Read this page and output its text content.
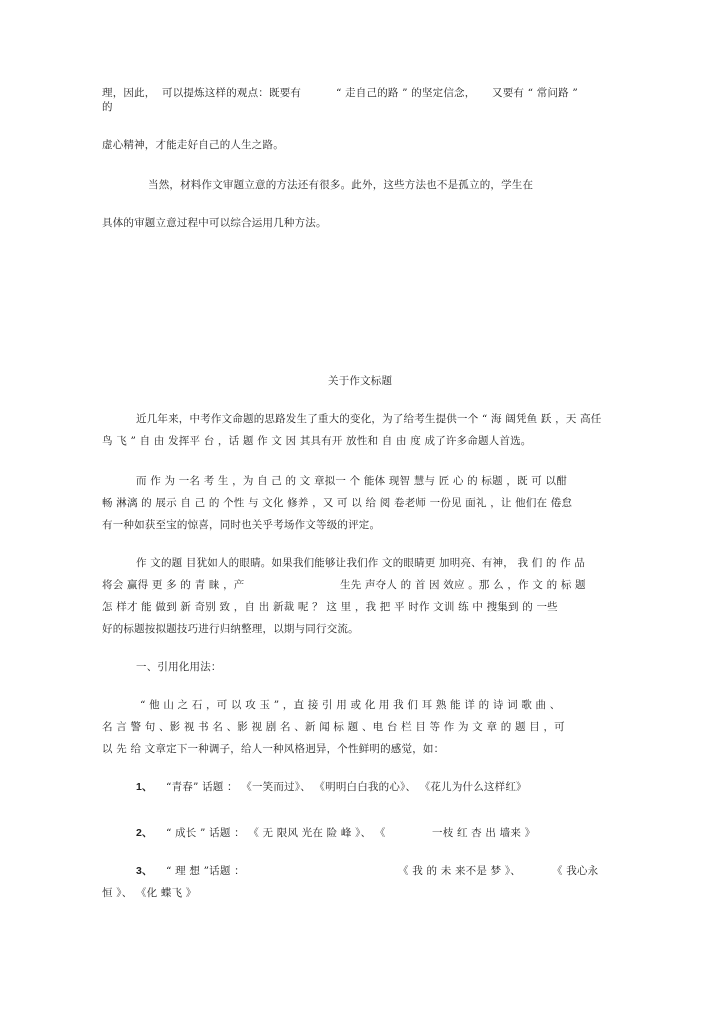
理，因此， 可以提炼这样的观点：既要有	“ 走自己的路 ” 的坚定信念， 又要有 “ 常问路 ”
的
虚心精神，才能走好自己的人生之路。
当然，材料作文审题立意的方法还有很多。此外，这些方法也不是孤立的，学生在
具体的审题立意过程中可以综合运用几种方法。
关于作文标题
近几年来，中考作文命题的思路发生了重大的变化，为了给考生提供一个 “ 海 阔凭鱼 跃 ，天 高任
鸟 飞 ” 自 由 发挥平 台 ，话 题 作 文 因 其具有开 放性和 自 由 度 成了许多命题人首选。
而 作 为 一名 考 生 ，为 自 己 的 文 章拟一 个 能体 现智 慧与 匠 心 的 标题 ，既 可 以酣
畅 淋漓 的 展示 自 己 的 个性 与 文化 修养 ，又 可 以 给 阅 卷老师 一份见 面礼 ，让 他们在 倦怠
有一种如获至宝的惊喜，同时也关乎考场作文等级的评定。
作 文的题 目犹如人的眼睛。如果我们能够让我们作 文的眼睛更 加明亮、有神， 我 们 的 作 品
将会 赢得 更 多 的 青 睐 ，产	生先 声夺人 的 首 因 效应 。那 么 ，作 文 的 标 题
怎 样才 能 做到 新 奇别 致 ，自 出 新裁 呢 ？ 这 里 ，我 把 平 时作 文训 练 中 搜集到 的 一些
好的标题按拟题技巧进行归纳整理，以期与同行交流。
一、引用化用法：
“ 他 山 之 石 ，可 以 攻 玉 ” ，直 接 引 用 或 化 用 我 们 耳 熟 能 详 的 诗 词 歌 曲 、
名 言 警 句 、影 视 书 名 、影 视 剧 名 、新 闻 标 题 、电 台 栏 目 等 作 为 文 章 的 题 目 ，可
以 先 给 文章定下一种调子，给人一种风格迥异，个性鲜明的感觉，如：
1、 “青春” 话题 ： 《一笑而过》、 《明明白白我的心》、 《花儿为什么这样红》
2、 “ 成长 ” 话题 ： 《 无 限风 光在 险 峰 》、 《	一枝 红 杏 出 墙来 》
3、 “ 理 想 ”话题 ：	《 我 的 未 来不是 梦 》、	《 我心永
恒 》、 《化 蝶飞 》
